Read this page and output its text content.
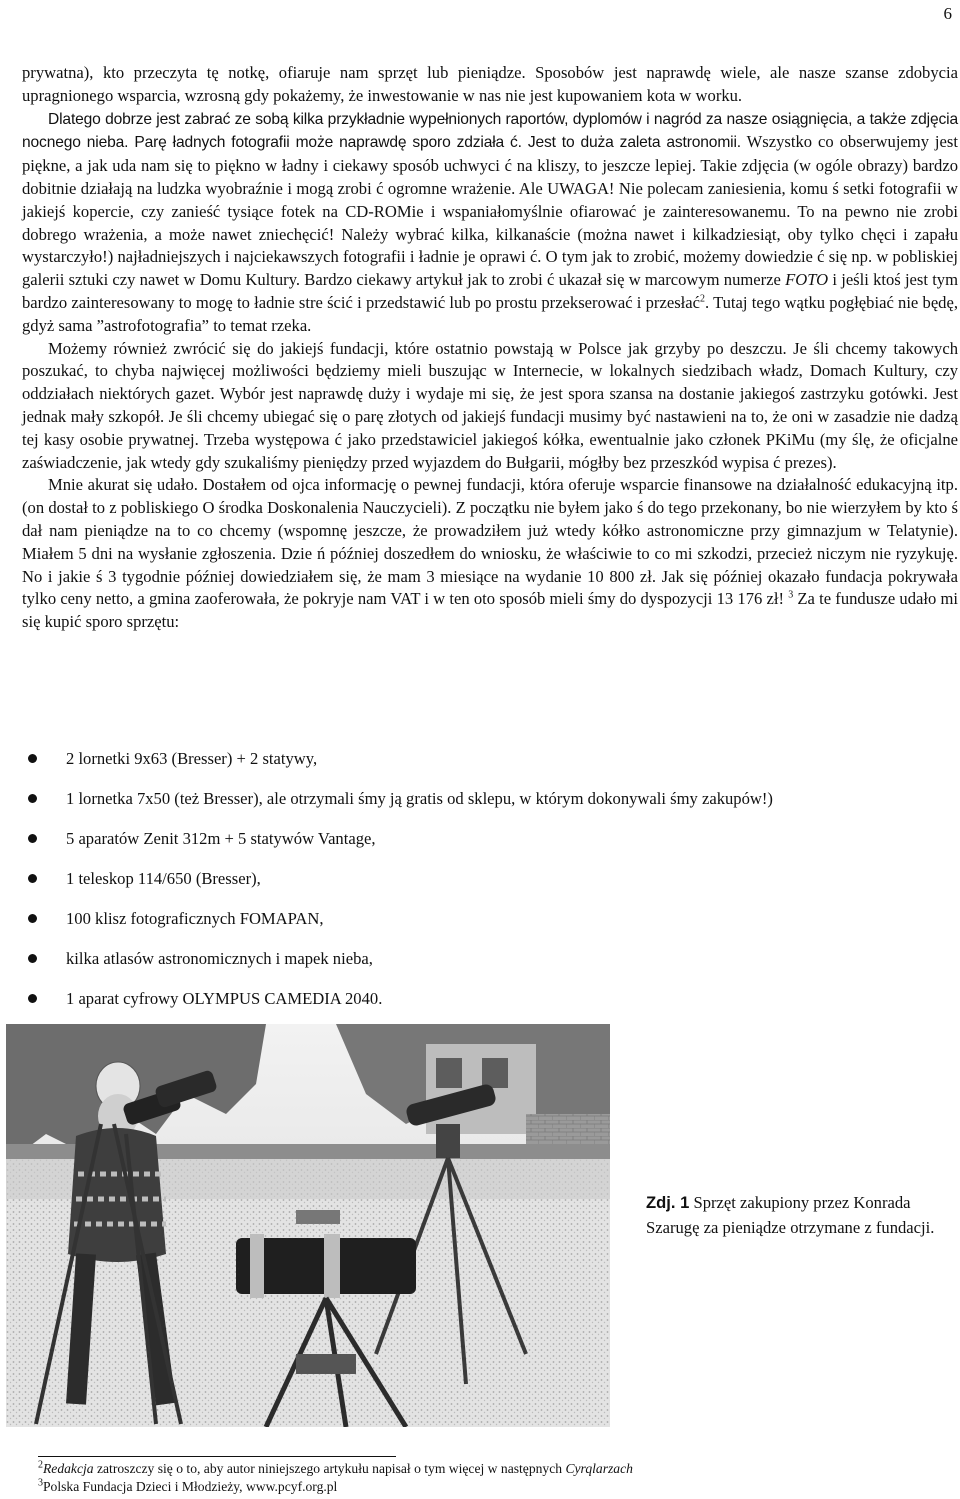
6

prywatna), kto przeczyta tę notkę, ofiaruje nam sprzęt lub pieniądze. Sposobów jest naprawdę wiele, ale nasze szanse zdobycia upragnionego wsparcia, wzrosną gdy pokażemy, że inwestowanie w nas nie jest kupowaniem kota w worku.

Dlatego dobrze jest zabrać ze sobą kilka przykładnie wypełnionych raportów, dyplomów i nagród za nasze osiągnięcia, a także zdjęcia nocnego nieba. Parę ładnych fotografii może naprawdę sporo zdziała ć. Jest to duża zaleta astronomii. Wszystko co obserwujemy jest piękne, a jak uda nam się to piękno w ładny i ciekawy sposób uchwyci ć na kliszy, to jeszcze lepiej. Takie zdjęcia (w ogóle obrazy) bardzo dobitnie działają na ludzka wyobraźnie i mogą zrobi ć ogromne wrażenie. Ale UWAGA! Nie polecam zaniesienia, komu ś setki fotografii w jakiejś kopercie, czy zanieść tysiące fotek na CD-ROMie i wspaniałomyślnie ofiarować je zainteresowanemu. To na pewno nie zrobi dobrego wrażenia, a może nawet zniechęcić! Należy wybrać kilka, kilkanaście (można nawet i kilkadziesiąt, oby tylko chęci i zapału wystarczyło!) najładniejszych i najciekawszych fotografii i ładnie je oprawi ć. O tym jak to zrobić, możemy dowiedzie ć się np. w pobliskiej galerii sztuki czy nawet w Domu Kultury. Bardzo ciekawy artykuł jak to zrobi ć ukazał się w marcowym numerze FOTO i jeśli ktoś jest tym bardzo zainteresowany to mogę to ładnie stre ścić i przedstawić lub po prostu przekserować i przesłać$^2$. Tutaj tego wątku pogłębiać nie będę, gdyż sama ”astrofotografia” to temat rzeka.

Możemy również zwrócić się do jakiejś fundacji, które ostatnio powstają w Polsce jak grzyby po deszczu. Je śli chcemy takowych poszukać, to chyba najwięcej możliwości będziemy mieli buszując w Internecie, w lokalnych siedzibach władz, Domach Kultury, czy oddziałach niektórych gazet. Wybór jest naprawdę duży i wydaje mi się, że jest spora szansa na dostanie jakiegoś zastrzyku gotówki. Jest jednak mały szkopół. Je śli chcemy ubiegać się o parę złotych od jakiejś fundacji musimy być nastawieni na to, że oni w zasadzie nie dadzą tej kasy osobie prywatnej. Trzeba występowa ć jako przedstawiciel jakiegoś kółka, ewentualnie jako członek PKiMu (my ślę, że oficjalne zaświadczenie, jak wtedy gdy szukaliśmy pieniędzy przed wyjazdem do Bułgarii, mógłby bez przeszkód wypisa ć prezes).

Mnie akurat się udało. Dostałem od ojca informację o pewnej fundacji, która oferuje wsparcie finansowe na działalność edukacyjną itp. (on dostał to z pobliskiego O środka Doskonalenia Nauczycieli). Z początku nie byłem jako ś do tego przekonany, bo nie wierzyłem by kto ś dał nam pieniądze na to co chcemy (wspomnę jeszcze, że prowadziłem już wtedy kółko astronomiczne przy gimnazjum w Telatynie). Miałem 5 dni na wysłanie zgłoszenia. Dzie ń później doszedłem do wniosku, że właściwie to co mi szkodzi, przecież niczym nie ryzykuję. No i jakie ś 3 tygodnie później dowiedziałem się, że mam 3 miesiące na wydanie 10 800 zł. Jak się później okazało fundacja pokrywała tylko ceny netto, a gmina zaoferowała, że pokryje nam VAT i w ten oto sposób mieli śmy do dyspozycji 13 176 zł! $^3$ Za te fundusze udało mi się kupić sporo sprzętu:

2 lornetki 9x63 (Bresser) + 2 statywy,
1 lornetka 7x50 (też Bresser), ale otrzymali śmy ją gratis od sklepu, w którym dokonywali śmy zakupów!)
5 aparatów Zenit 312m + 5 statywów Vantage,
1 teleskop 114/650 (Bresser),
100 klisz fotograficznych FOMAPAN,
kilka atlasów astronomicznych i mapek nieba,
1 aparat cyfrowy OLYMPUS CAMEDIA 2040.
Zdj. 1 Sprzęt zakupiony przez Konrada Szarugę za pieniądze otrzymane z fundacji.
$^2$Redakcja zatroszczy się o to, aby autor niniejszego artykułu napisał o tym więcej w następnych Cyrqlarzach
$^3$Polska Fundacja Dzieci i Młodzieży, www.pcyf.org.pl
